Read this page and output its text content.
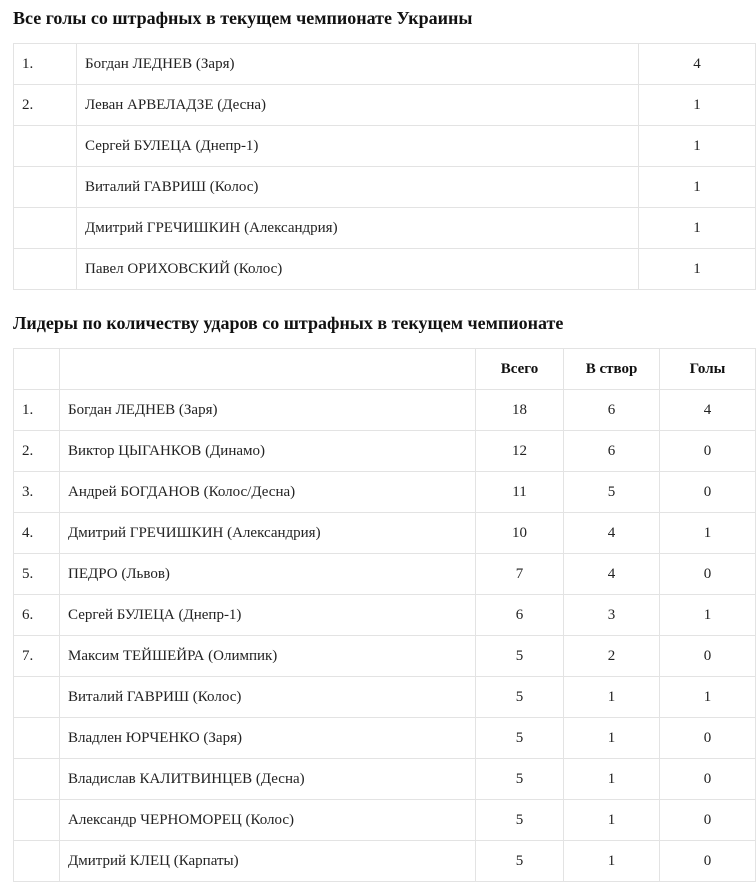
Все голы со штрафных в текущем чемпионате Украины
1.	Богдан ЛЕДНЕВ (Заря)	4
2.	Леван АРВЕЛАДЗЕ (Десна)	1
	Сергей БУЛЕЦА (Днепр-1)	1
	Виталий ГАВРИШ (Колос)	1
	Дмитрий ГРЕЧИШКИН (Александрия)	1
	Павел ОРИХОВСКИЙ (Колос)	1
Лидеры по количеству ударов со штрафных в текущем чемпионате
		Всего	В створ	Голы
1.	Богдан ЛЕДНЕВ (Заря)	18	6	4
2.	Виктор ЦЫГАНКОВ (Динамо)	12	6	0
3.	Андрей БОГДАНОВ (Колос/Десна)	11	5	0
4.	Дмитрий ГРЕЧИШКИН (Александрия)	10	4	1
5.	ПЕДРО (Львов)	7	4	0
6.	Сергей БУЛЕЦА (Днепр-1)	6	3	1
7.	Максим ТЕЙШЕЙРА (Олимпик)	5	2	0
	Виталий ГАВРИШ (Колос)	5	1	1
	Владлен ЮРЧЕНКО (Заря)	5	1	0
	Владислав КАЛИТВИНЦЕВ (Десна)	5	1	0
	Александр ЧЕРНОМОРЕЦ (Колос)	5	1	0
	Дмитрий КЛЕЦ (Карпаты)	5	1	0
